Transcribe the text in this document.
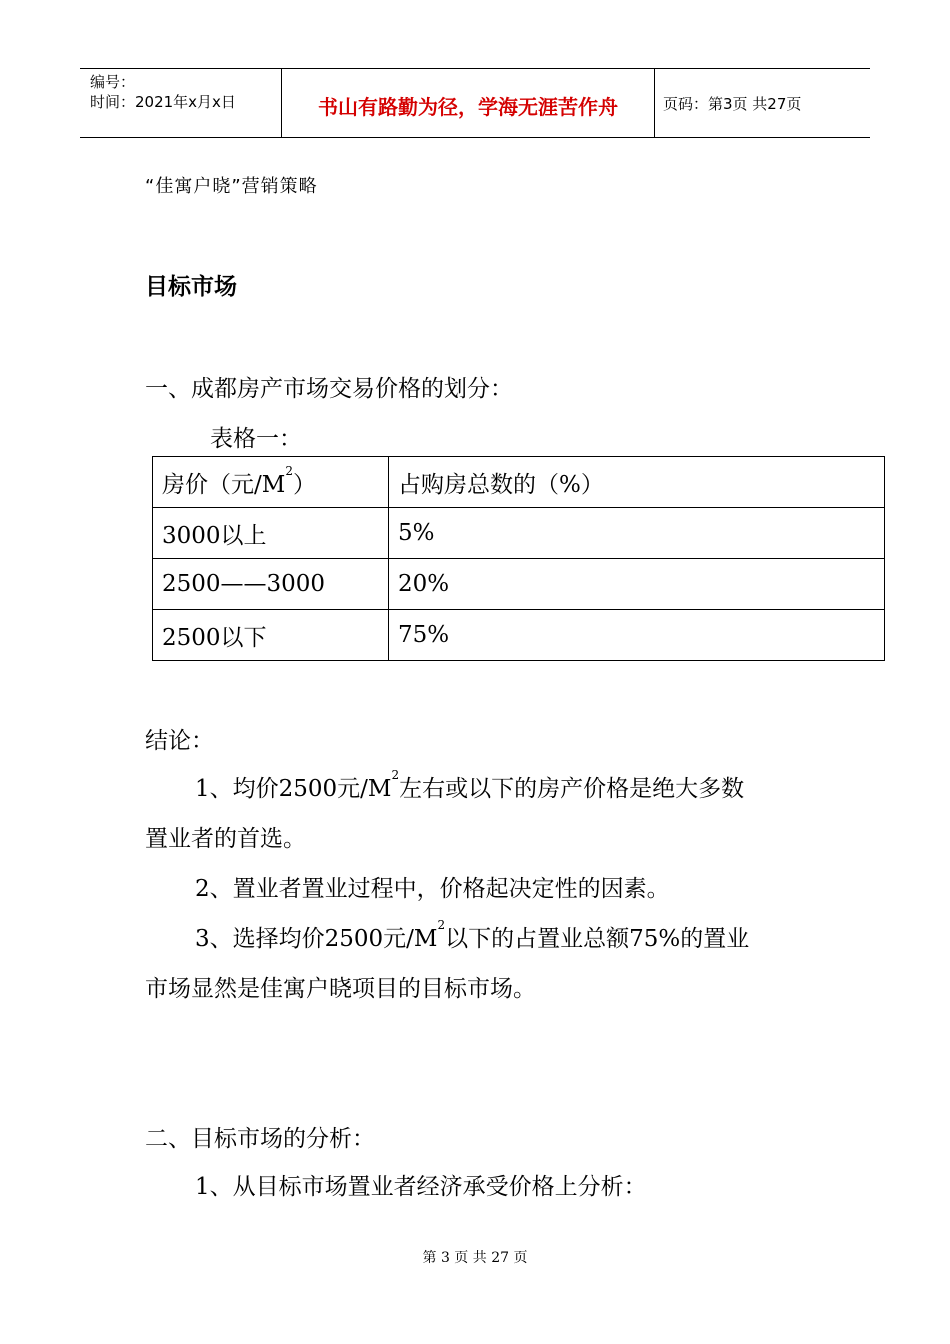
编号：
时间：2021年x月x日	书山有路勤为径，学海无涯苦作舟	页码：第3页 共27页
“佳寓户晓”营销策略
目标市场
一、成都房产市场交易价格的划分：
表格一：
房价（元$/M^2$）	占购房总数的（%）
3000以上	5%
2500——3000	20%
2500以下	75%
结论：
1、均价2500元$/M^2$左右或以下的房产价格是绝大多数
置业者的首选。
2、置业者置业过程中，价格起决定性的因素。
3、选择均价2500元$/M^2$以下的占置业总额75%的置业
市场显然是佳寓户晓项目的目标市场。
二、目标市场的分析：
1、从目标市场置业者经济承受价格上分析：
第 3 页 共 27 页
